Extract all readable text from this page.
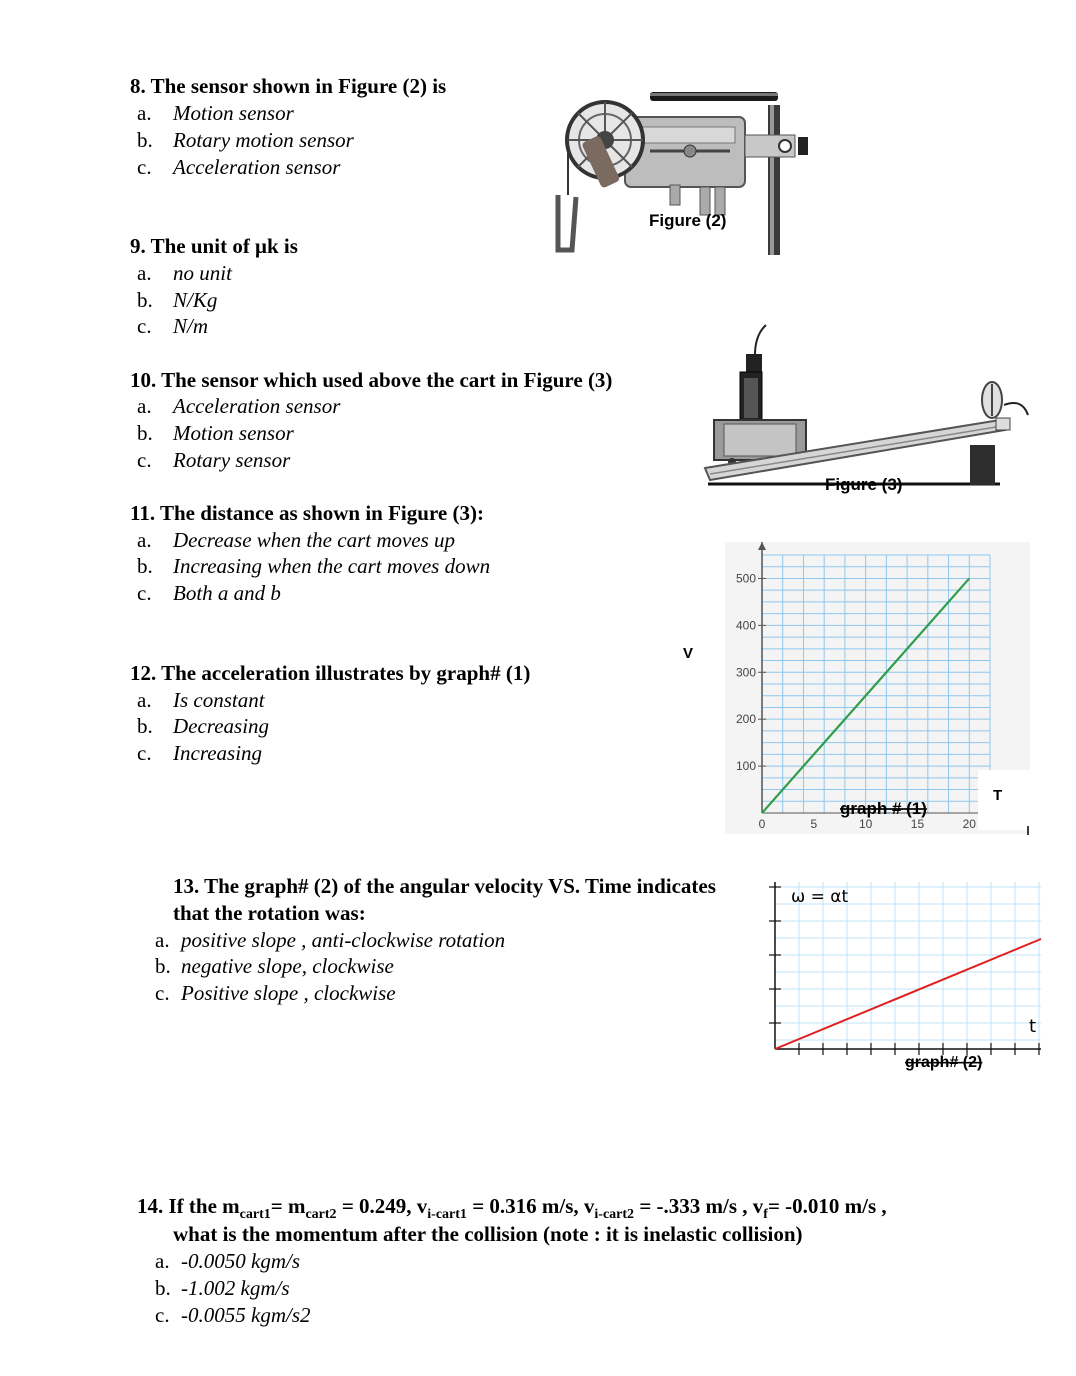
8. The sensor shown in Figure (2) is
a. Motion sensor
b. Rotary motion sensor
c. Acceleration sensor
Figure (2)
9. The unit of μk is
a. no unit
b. N/Kg
c. N/m
10. The sensor which used above the cart in Figure (3)
a. Acceleration sensor
b. Motion sensor
c. Rotary sensor
Figure (3)
11. The distance as shown in Figure (3):
a. Decrease when the cart moves up
b. Increasing when the cart moves down
c. Both a and b
12. The acceleration illustrates by graph# (1)
a. Is constant
b. Decreasing
c. Increasing
100
200
300
400
500
0	5	10	15	20
V
T
graph # (1)
13. The graph# (2) of the angular velocity VS. Time indicates
that the rotation was:
a. positive slope , anti-clockwise rotation
b. negative slope, clockwise
c. Positive slope , clockwise
ω = αt
t
graph# (2)
14. If the $m_{cart1}= m_{cart2} = 0.249$, $v_{i-cart1} = 0.316$ m/s, $v_{i-cart2} = -.333$ m/s , $v_f= -0.010$ m/s ,
what is the momentum after the collision (note : it is inelastic collision)
a. -0.0050 kgm/s
b. -1.002 kgm/s
c. -0.0055 kgm/s2
